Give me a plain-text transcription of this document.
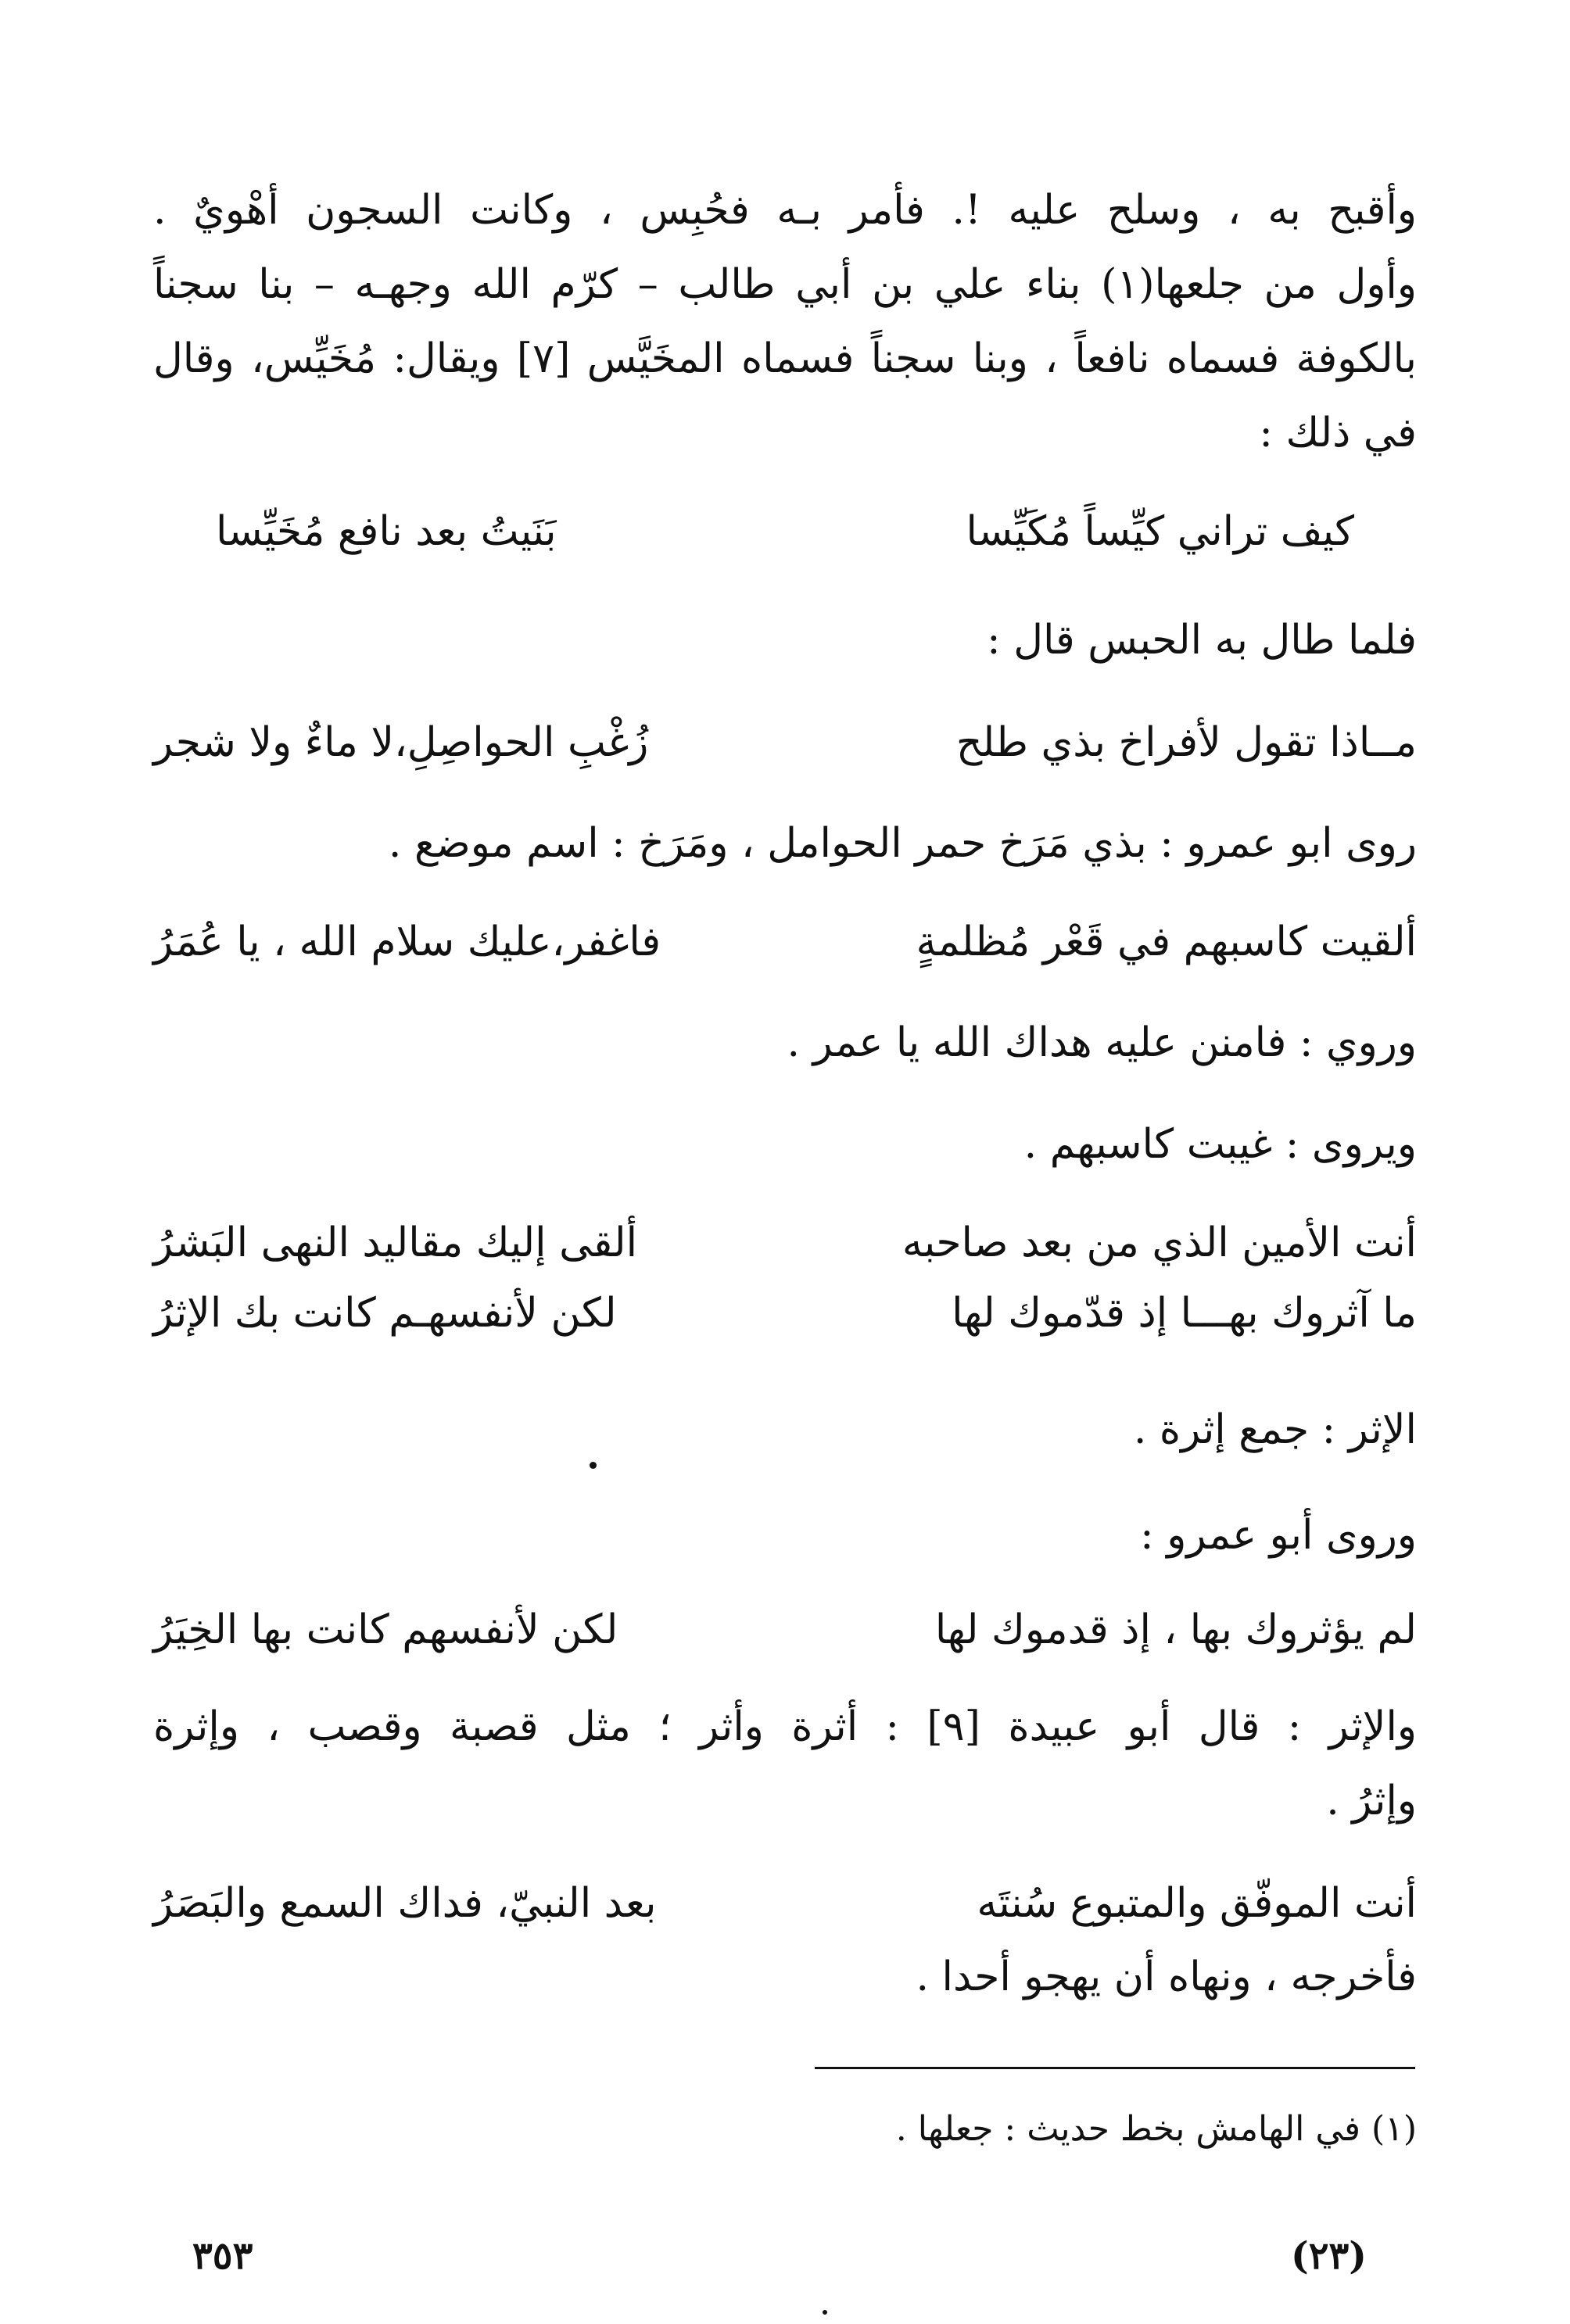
وأقبح به ، وسلح عليه !. فأمر بـه فحُبِس ، وكانت السجون أهْويٌ .
وأول من جلعها(١) بناء علي بن أبي طالب – كرّم الله وجهـه – بنا سجناً
بالكوفة فسماه نافعاً ، وبنا سجناً فسماه المخَيَّس [٧] ويقال: مُخَيِّس، وقال
في ذلك :
كيف تراني كيِّساً مُكَيِّسا
بَنَيتُ بعد نافع مُخَيِّسا
فلما طال به الحبس قال :
مــاذا تقول لأفراخ بذي طلح
زُغْبِ الحواصِلِ،لا ماءٌ ولا شجر
روى ابو عمرو : بذي مَرَخ حمر الحوامل ، ومَرَخ : اسم موضع .
ألقيت كاسبهم في قَعْر مُظلمةٍ
فاغفر،عليك سلام الله ، يا عُمَرُ
وروي : فامنن عليه هداك الله يا عمر .
ويروى : غيبت كاسبهم .
أنت الأمين الذي من بعد صاحبه
ألقى إليك مقاليد النهى البَشرُ
ما آثروك بهـــا إذ قدّموك لها
لكن لأنفسهـم كانت بك الإثرُ
الإثر : جمع إثرة .
وروى أبو عمرو :
لم يؤثروك بها ، إذ قدموك لها
لكن لأنفسهم كانت بها الخِيَرُ
والإثر : قال أبو عبيدة [٩] : أثرة وأثر ؛ مثل قصبة وقصب ، وإثرة
وإثرُ .
أنت الموفّق والمتبوع سُنتَه
بعد النبيّ، فداك السمع والبَصَرُ
فأخرجه ، ونهاه أن يهجو أحدا .
(١) في الهامش بخط حديث : جعلها .
٣٥٣	(٢٣)
